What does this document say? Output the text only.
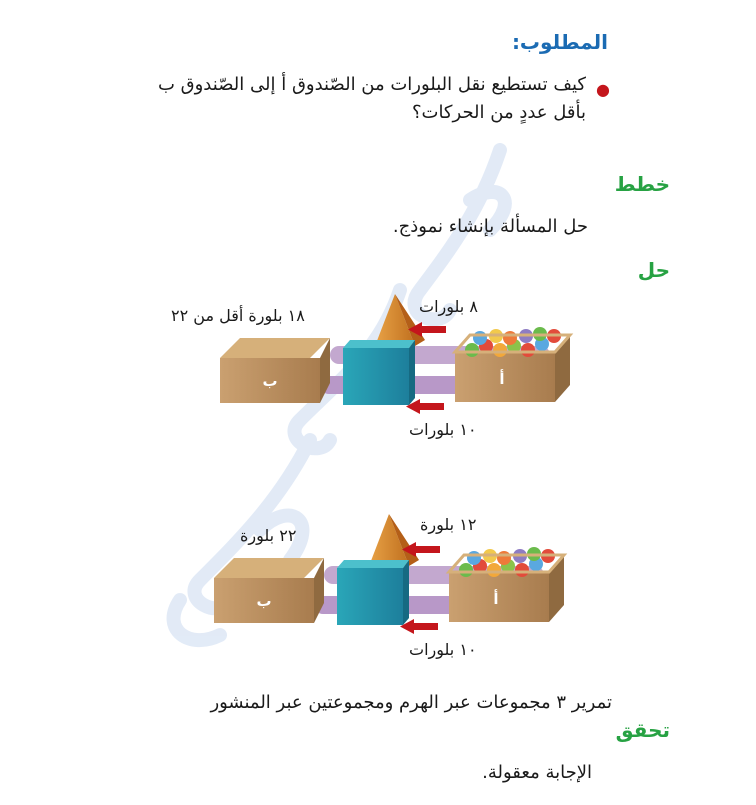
المطلوب:
●
كيف تستطيع نقل البلورات من الصّندوق أ إلى الصّندوق ب
بأقل عددٍ من الحركات؟
خطط
حل المسألة بإنشاء نموذج.
حل
ب	أ
١٨ بلورة أقل من ٢٢	٨ بلورات
١٠ بلورات
ب	أ
٢٢ بلورة
١٢ بلورة
١٠ بلورات
تمرير ٣ مجموعات عبر الهرم ومجموعتين عبر المنشور
تحقق
الإجابة معقولة.
